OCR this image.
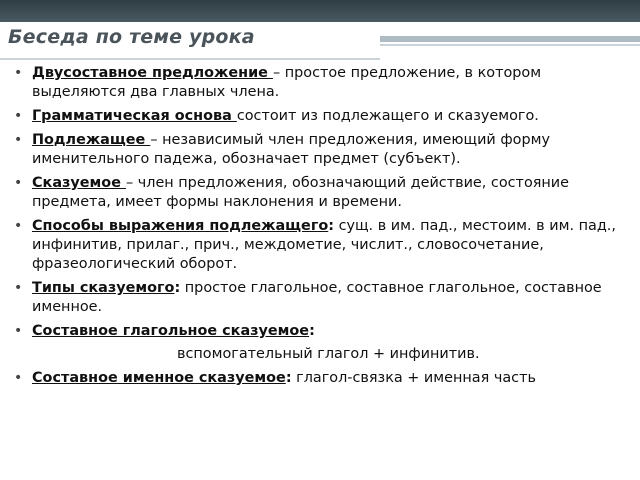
Беседа по теме урока
• Двусоставное предложение – простое предложение, в котором выделяются два главных члена.
• Грамматическая основа состоит из подлежащего и сказуемого.
• Подлежащее – независимый член предложения, имеющий форму именительного падежа, обозначает предмет (субъект).
• Сказуемое – член предложения, обозначающий действие, состояние предмета, имеет формы наклонения и времени.
• Способы выражения подлежащего: сущ. в им. пад., местоим. в им. пад., инфинитив, прилаг., прич., междометие, числит., словосочетание, фразеологический оборот.
• Типы сказуемого: простое глагольное, составное глагольное, составное именное.
• Составное глагольное сказуемое:
вспомогательный глагол + инфинитив.
• Составное именное сказуемое: глагол-связка + именная часть
